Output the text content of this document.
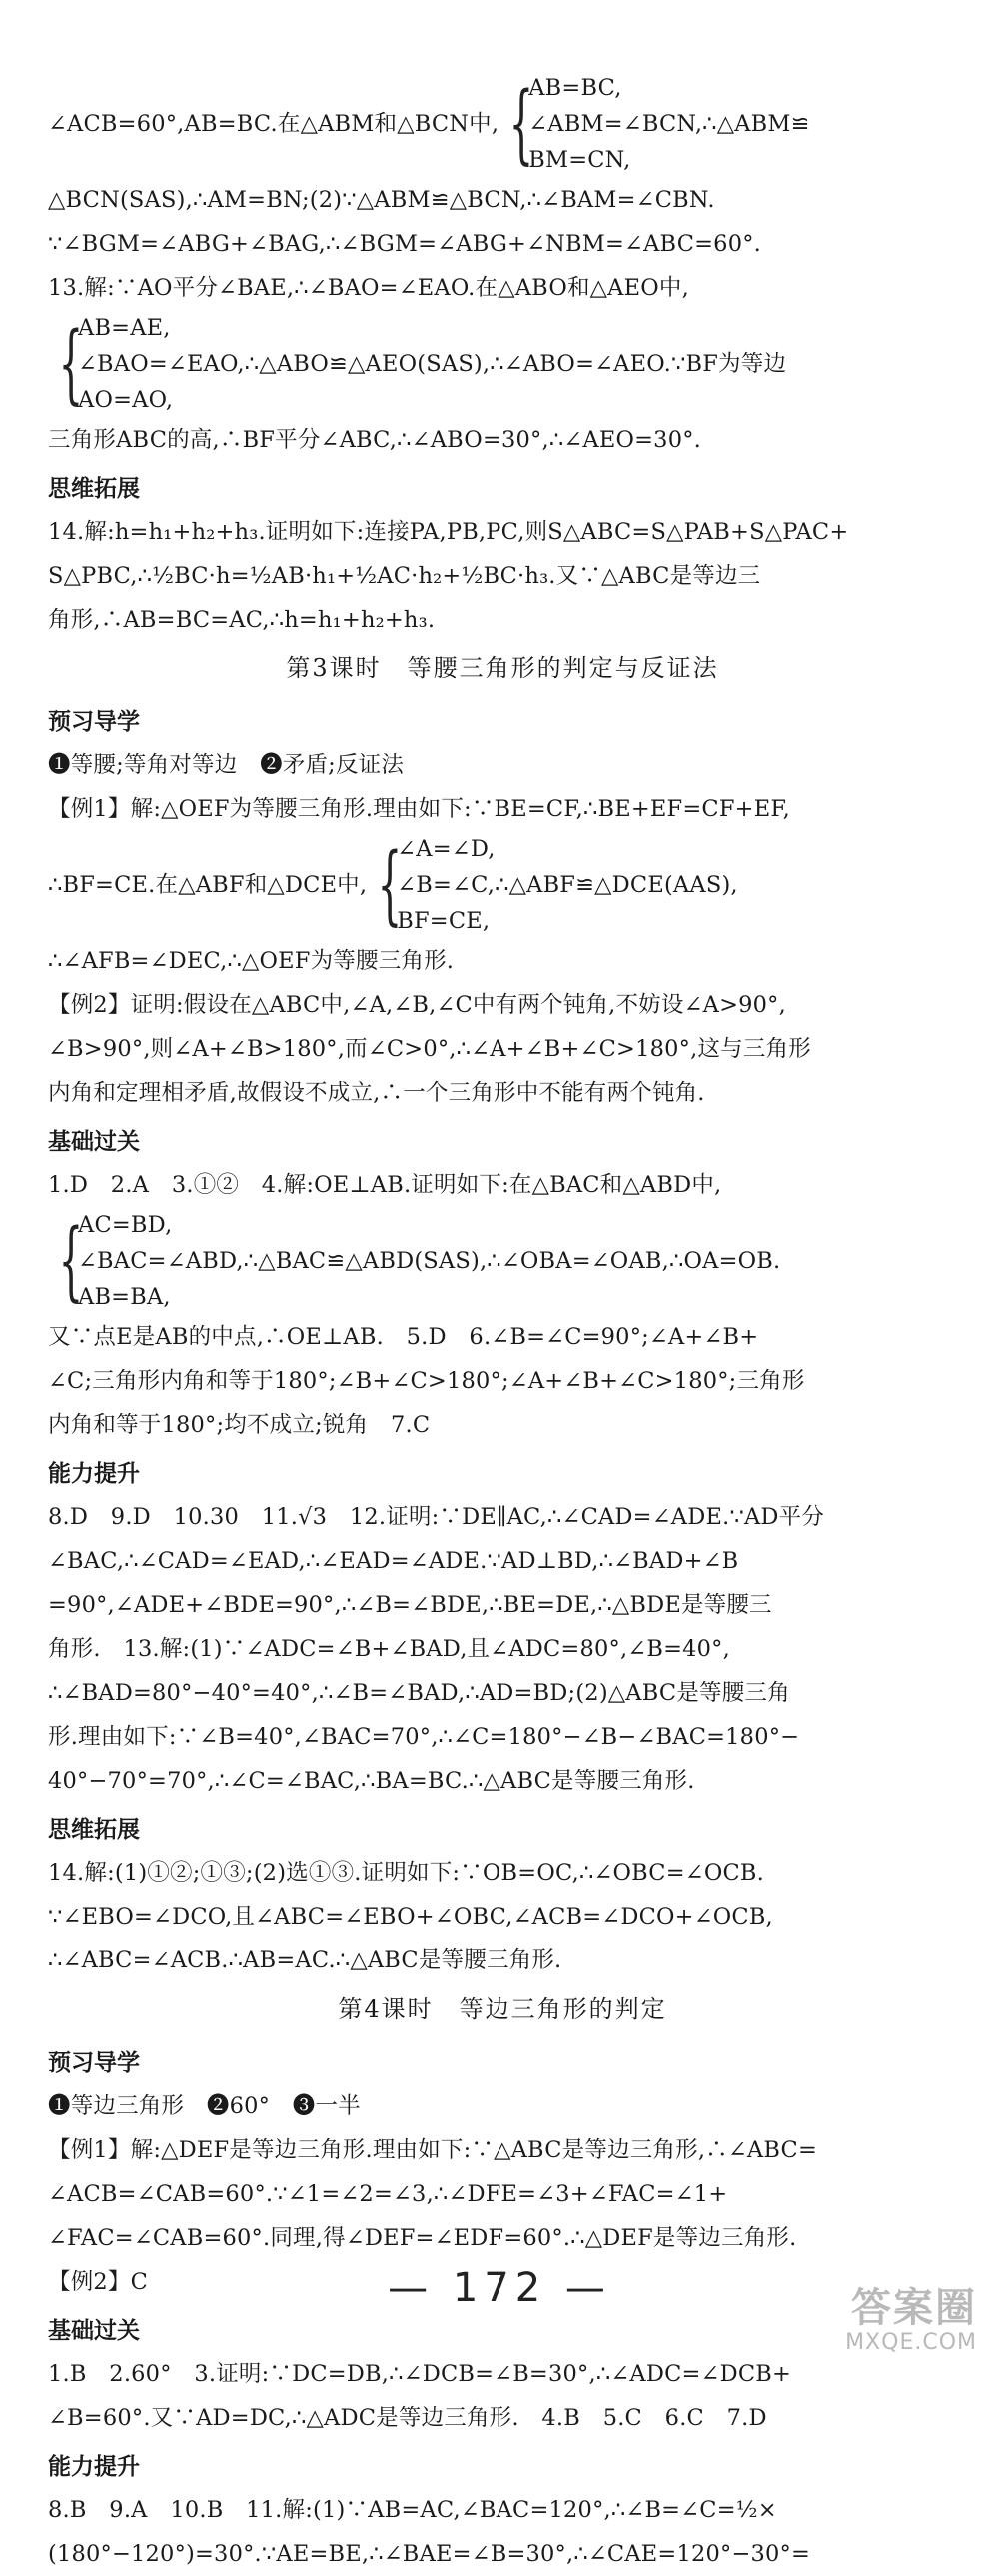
∠ACB=60°,AB=BC.在△ABM和△BCN中, {
AB=BC,
∠ABM=∠BCN,∴△ABM≌
BM=CN,
△BCN(SAS),∴AM=BN;(2)∵△ABM≌△BCN,∴∠BAM=∠CBN.
∵∠BGM=∠ABG+∠BAG,∴∠BGM=∠ABG+∠NBM=∠ABC=60°.
13.解:∵AO平分∠BAE,∴∠BAO=∠EAO.在△ABO和△AEO中,
{
AB=AE,
∠BAO=∠EAO,∴△ABO≌△AEO(SAS),∴∠ABO=∠AEO.∵BF为等边
AO=AO,
三角形ABC的高,∴BF平分∠ABC,∴∠ABO=30°,∴∠AEO=30°.
思维拓展
14.解:h=h₁+h₂+h₃.证明如下:连接PA,PB,PC,则S△ABC=S△PAB+S△PAC+
S△PBC,∴½BC·h=½AB·h₁+½AC·h₂+½BC·h₃.又∵△ABC是等边三
角形,∴AB=BC=AC,∴h=h₁+h₂+h₃.
第3课时　等腰三角形的判定与反证法
预习导学
❶等腰;等角对等边　❷矛盾;反证法
【例1】解:△OEF为等腰三角形.理由如下:∵BE=CF,∴BE+EF=CF+EF,
∴BF=CE.在△ABF和△DCE中, {
∠A=∠D,
∠B=∠C,∴△ABF≌△DCE(AAS),
BF=CE,
∴∠AFB=∠DEC,∴△OEF为等腰三角形.
【例2】证明:假设在△ABC中,∠A,∠B,∠C中有两个钝角,不妨设∠A>90°,
∠B>90°,则∠A+∠B>180°,而∠C>0°,∴∠A+∠B+∠C>180°,这与三角形
内角和定理相矛盾,故假设不成立,∴一个三角形中不能有两个钝角.
基础过关
1.D　2.A　3.①②　4.解:OE⊥AB.证明如下:在△BAC和△ABD中,
{
AC=BD,
∠BAC=∠ABD,∴△BAC≌△ABD(SAS),∴∠OBA=∠OAB,∴OA=OB.
AB=BA,
又∵点E是AB的中点,∴OE⊥AB.　5.D　6.∠B=∠C=90°;∠A+∠B+
∠C;三角形内角和等于180°;∠B+∠C>180°;∠A+∠B+∠C>180°;三角形
内角和等于180°;均不成立;锐角　7.C
能力提升
8.D　9.D　10.30　11.√3　12.证明:∵DE∥AC,∴∠CAD=∠ADE.∵AD平分
∠BAC,∴∠CAD=∠EAD,∴∠EAD=∠ADE.∵AD⊥BD,∴∠BAD+∠B
=90°,∠ADE+∠BDE=90°,∴∠B=∠BDE,∴BE=DE,∴△BDE是等腰三
角形.　13.解:(1)∵∠ADC=∠B+∠BAD,且∠ADC=80°,∠B=40°,
∴∠BAD=80°−40°=40°,∴∠B=∠BAD,∴AD=BD;(2)△ABC是等腰三角
形.理由如下:∵∠B=40°,∠BAC=70°,∴∠C=180°−∠B−∠BAC=180°−
40°−70°=70°,∴∠C=∠BAC,∴BA=BC.∴△ABC是等腰三角形.
思维拓展
14.解:(1)①②;①③;(2)选①③.证明如下:∵OB=OC,∴∠OBC=∠OCB.
∵∠EBO=∠DCO,且∠ABC=∠EBO+∠OBC,∠ACB=∠DCO+∠OCB,
∴∠ABC=∠ACB.∴AB=AC.∴△ABC是等腰三角形.
第4课时　等边三角形的判定
预习导学
❶等边三角形　❷60°　❸一半
【例1】解:△DEF是等边三角形.理由如下:∵△ABC是等边三角形,∴∠ABC=
∠ACB=∠CAB=60°.∵∠1=∠2=∠3,∴∠DFE=∠3+∠FAC=∠1+
∠FAC=∠CAB=60°.同理,得∠DEF=∠EDF=60°.∴△DEF是等边三角形.
【例2】C
基础过关
1.B　2.60°　3.证明:∵DC=DB,∴∠DCB=∠B=30°,∴∠ADC=∠DCB+
∠B=60°.又∵AD=DC,∴△ADC是等边三角形.　4.B　5.C　6.C　7.D
能力提升
8.B　9.A　10.B　11.解:(1)∵AB=AC,∠BAC=120°,∴∠B=∠C=½×
(180°−120°)=30°.∵AE=BE,∴∠BAE=∠B=30°,∴∠CAE=120°−30°=
— 172 —	答案圈
MXQE.COM
